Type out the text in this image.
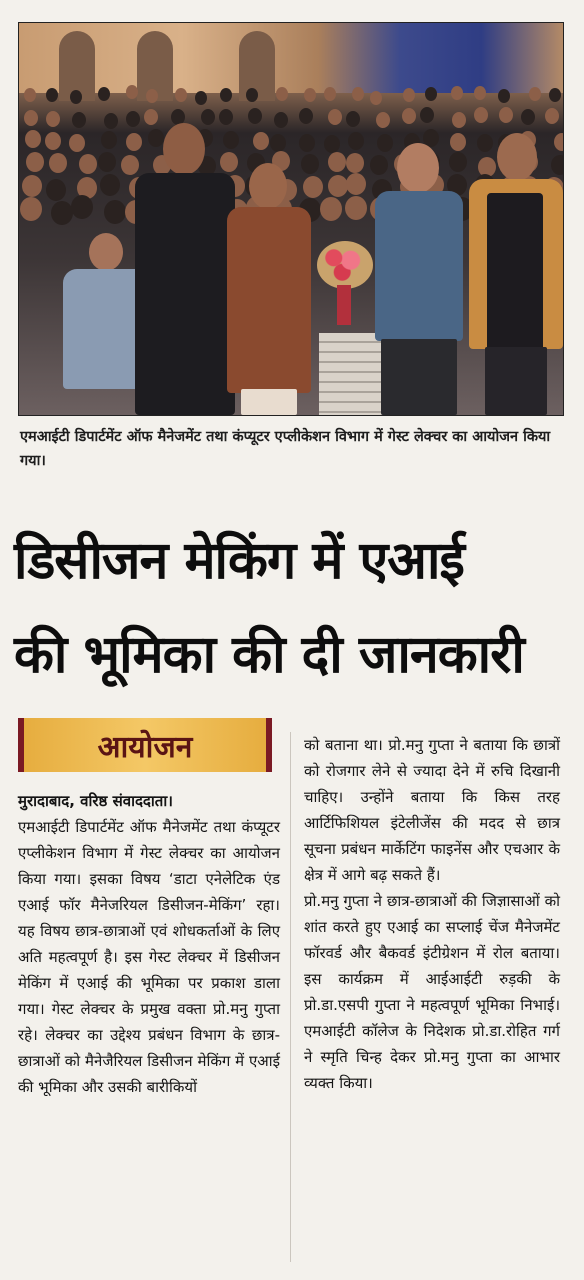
एमआईटी डिपार्टमेंट ऑफ मैनेजमेंट तथा कंप्यूटर एप्लीकेशन विभाग में गेस्ट लेक्चर का आयोजन किया गया।
डिसीजन मेकिंग में एआई
की भूमिका की दी जानकारी
आयोजन

मुरादाबाद, वरिष्ठ संवाददाता।

एमआईटी डिपार्टमेंट ऑफ मैनेजमेंट तथा कंप्यूटर एप्लीकेशन विभाग में गेस्ट लेक्चर का आयोजन किया गया। इसका विषय ‘डाटा एनेलेटिक एंड एआई फॉर मैनेजरियल डिसीजन-मेकिंग’ रहा। यह विषय छात्र-छात्राओं एवं शोधकर्ताओं के लिए अति महत्वपूर्ण है। इस गेस्ट लेक्चर में डिसीजन मेकिंग में एआई की भूमिका पर प्रकाश डाला गया। गेस्ट लेक्चर के प्रमुख वक्ता प्रो.मनु गुप्ता रहे। लेक्चर का उद्देश्य प्रबंधन विभाग के छात्र-छात्राओं को मैनेजैरियल डिसीजन मेकिंग में एआई की भूमिका और उसकी बारीकियों

को बताना था। प्रो.मनु गुप्ता ने बताया कि छात्रों को रोजगार लेने से ज्यादा देने में रुचि दिखानी चाहिए। उन्होंने बताया कि किस तरह आर्टिफिशियल इंटेलीजेंस की मदद से छात्र सूचना प्रबंधन मार्केटिंग फाइनेंस और एचआर के क्षेत्र में आगे बढ़ सकते हैं।

प्रो.मनु गुप्ता ने छात्र-छात्राओं की जिज्ञासाओं को शांत करते हुए एआई का सप्लाई चेंज मैनेजमेंट फॉरवर्ड और बैकवर्ड इंटीग्रेशन में रोल बताया। इस कार्यक्रम में आईआईटी रुड़की के प्रो.डा.एसपी गुप्ता ने महत्वपूर्ण भूमिका निभाई। एमआईटी कॉलेज के निदेशक प्रो.डा.रोहित गर्ग ने स्मृति चिन्ह देकर प्रो.मनु गुप्ता का आभार व्यक्त किया।
